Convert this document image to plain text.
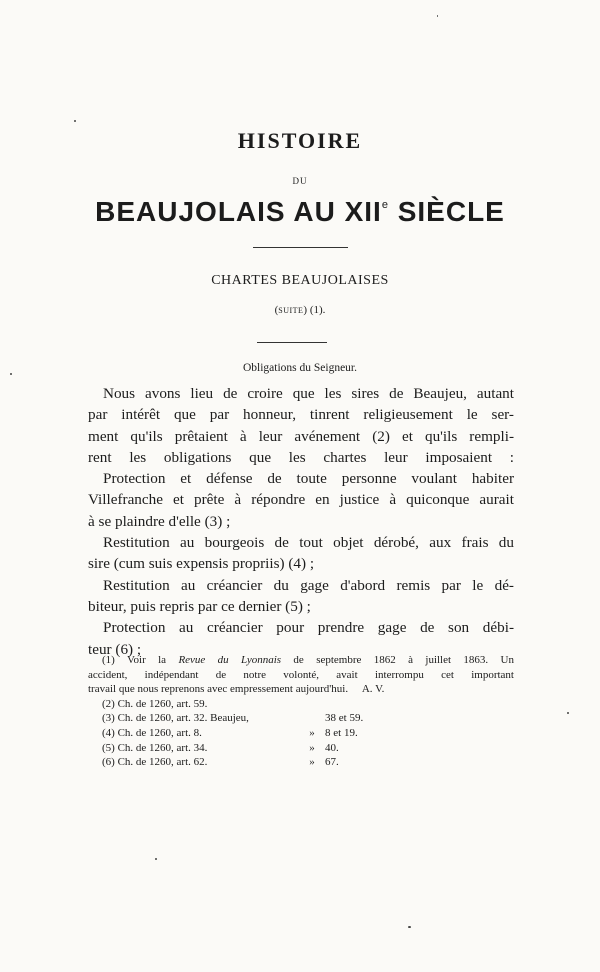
HISTOIRE
DU
BEAUJOLAIS AU XIIe SIÈCLE
CHARTES BEAUJOLAISES
(SUITE) (1).
Obligations du Seigneur.
Nous avons lieu de croire que les sires de Beaujeu, autant
par intérêt que par honneur, tinrent religieusement le ser-
ment qu'ils prêtaient à leur avénement (2) et qu'ils rempli-
rent les obligations que les chartes leur imposaient :
Protection et défense de toute personne voulant habiter
Villefranche et prête à répondre en justice à quiconque aurait
à se plaindre d'elle (3) ;
Restitution au bourgeois de tout objet dérobé, aux frais du
sire (cum suis expensis propriis) (4) ;
Restitution au créancier du gage d'abord remis par le dé-
biteur, puis repris par ce dernier (5) ;
Protection au créancier pour prendre gage de son débi-
teur (6) ;
(1) Voir la Revue du Lyonnais de septembre 1862 à juillet 1863. Un
accident, indépendant de notre volonté, avait interrompu cet important
travail que nous reprenons avec empressement aujourd'hui. A. V.
(2) Ch. de 1260, art. 59.
(3) Ch. de 1260, art. 32. Beaujeu,	38 et 59.
(4) Ch. de 1260, art. 8.	» 8 et 19.
(5) Ch. de 1260, art. 34.	» 40.
(6) Ch. de 1260, art. 62.	» 67.
